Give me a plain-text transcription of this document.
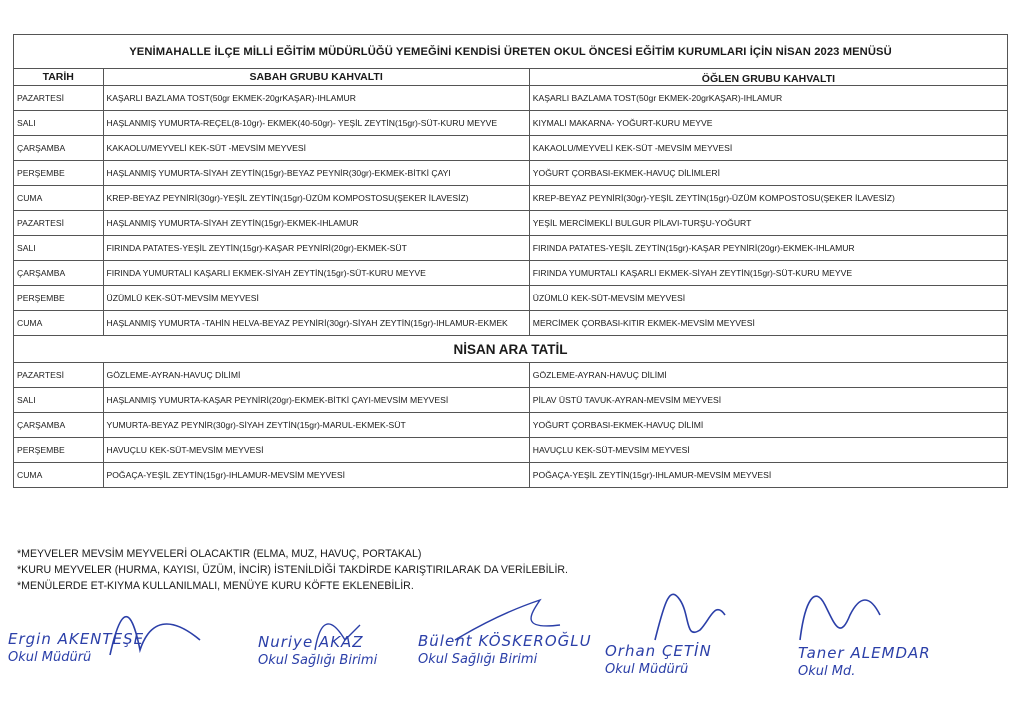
YENİMAHALLE İLÇE MİLLİ EĞİTİM MÜDÜRLÜĞÜ YEMEĞİNİ KENDİSİ ÜRETEN OKUL ÖNCESİ EĞİTİM KURUMLARI İÇİN NİSAN 2023 MENÜSÜ
TARİH	SABAH GRUBU KAHVALTI	ÖĞLEN GRUBU KAHVALTI
PAZARTESİ	KAŞARLI BAZLAMA TOST(50gr EKMEK-20grKAŞAR)-IHLAMUR	KAŞARLI BAZLAMA TOST(50gr EKMEK-20grKAŞAR)-IHLAMUR
SALI	HAŞLANMIŞ YUMURTA-REÇEL(8-10gr)- EKMEK(40-50gr)- YEŞİL ZEYTİN(15gr)-SÜT-KURU MEYVE	KIYMALI MAKARNA- YOĞURT-KURU MEYVE
ÇARŞAMBA	KAKAOLU/MEYVELİ KEK-SÜT -MEVSİM MEYVESİ	KAKAOLU/MEYVELİ KEK-SÜT -MEVSİM MEYVESİ
PERŞEMBE	HAŞLANMIŞ YUMURTA-SİYAH ZEYTİN(15gr)-BEYAZ PEYNİR(30gr)-EKMEK-BİTKİ ÇAYI	YOĞURT ÇORBASI-EKMEK-HAVUÇ DİLİMLERİ
CUMA	KREP-BEYAZ PEYNİRİ(30gr)-YEŞİL ZEYTİN(15gr)-ÜZÜM KOMPOSTOSU(ŞEKER İLAVESİZ)	KREP-BEYAZ PEYNİRİ(30gr)-YEŞİL ZEYTİN(15gr)-ÜZÜM KOMPOSTOSU(ŞEKER İLAVESİZ)
PAZARTESİ	HAŞLANMIŞ YUMURTA-SİYAH ZEYTİN(15gr)-EKMEK-IHLAMUR	YEŞİL MERCİMEKLİ BULGUR PİLAVI-TURŞU-YOĞURT
SALI	FIRINDA PATATES-YEŞİL ZEYTİN(15gr)-KAŞAR PEYNİRİ(20gr)-EKMEK-SÜT	FIRINDA PATATES-YEŞİL ZEYTİN(15gr)-KAŞAR PEYNİRİ(20gr)-EKMEK-IHLAMUR
ÇARŞAMBA	FIRINDA YUMURTALI KAŞARLI EKMEK-SİYAH ZEYTİN(15gr)-SÜT-KURU MEYVE	FIRINDA YUMURTALI KAŞARLI EKMEK-SİYAH ZEYTİN(15gr)-SÜT-KURU MEYVE
PERŞEMBE	ÜZÜMLÜ KEK-SÜT-MEVSİM MEYVESİ	ÜZÜMLÜ KEK-SÜT-MEVSİM MEYVESİ
CUMA	HAŞLANMIŞ YUMURTA -TAHİN HELVA-BEYAZ PEYNİRİ(30gr)-SİYAH ZEYTİN(15gr)-IHLAMUR-EKMEK	MERCİMEK ÇORBASI-KITIR EKMEK-MEVSİM MEYVESİ
NİSAN ARA TATİL		
PAZARTESİ	GÖZLEME-AYRAN-HAVUÇ DİLİMİ	GÖZLEME-AYRAN-HAVUÇ DİLİMİ
SALI	HAŞLANMIŞ YUMURTA-KAŞAR PEYNİRİ(20gr)-EKMEK-BİTKİ ÇAYI-MEVSİM MEYVESİ	PİLAV ÜSTÜ TAVUK-AYRAN-MEVSİM MEYVESİ
ÇARŞAMBA	YUMURTA-BEYAZ PEYNİR(30gr)-SİYAH ZEYTİN(15gr)-MARUL-EKMEK-SÜT	YOĞURT ÇORBASI-EKMEK-HAVUÇ DİLİMİ
PERŞEMBE	HAVUÇLU KEK-SÜT-MEVSİM MEYVESİ	HAVUÇLU KEK-SÜT-MEVSİM MEYVESİ
CUMA	POĞAÇA-YEŞİL ZEYTİN(15gr)-IHLAMUR-MEVSİM MEYVESİ	POĞAÇA-YEŞİL ZEYTİN(15gr)-IHLAMUR-MEVSİM MEYVESİ
*MEYVELER MEVSİM MEYVELERİ OLACAKTIR (ELMA, MUZ, HAVUÇ, PORTAKAL)
*KURU MEYVELER (HURMA, KAYISI, ÜZÜM, İNCİR) İSTENİLDİĞİ TAKDİRDE KARIŞTIRILARAK DA VERİLEBİLİR.
*MENÜLERDE ET-KIYMA KULLANILMALI, MENÜYE KURU KÖFTE EKLENEBİLİR.
Ergin AKENTEŞE
Okul Müdürü
Nuriye AKAZ
Okul Sağlığı Birimi
Bülent KÖSKEROĞLU
Okul Sağlığı Birimi	Orhan ÇETİN
Okul Müdürü
Taner ALEMDAR
Okul Md.
